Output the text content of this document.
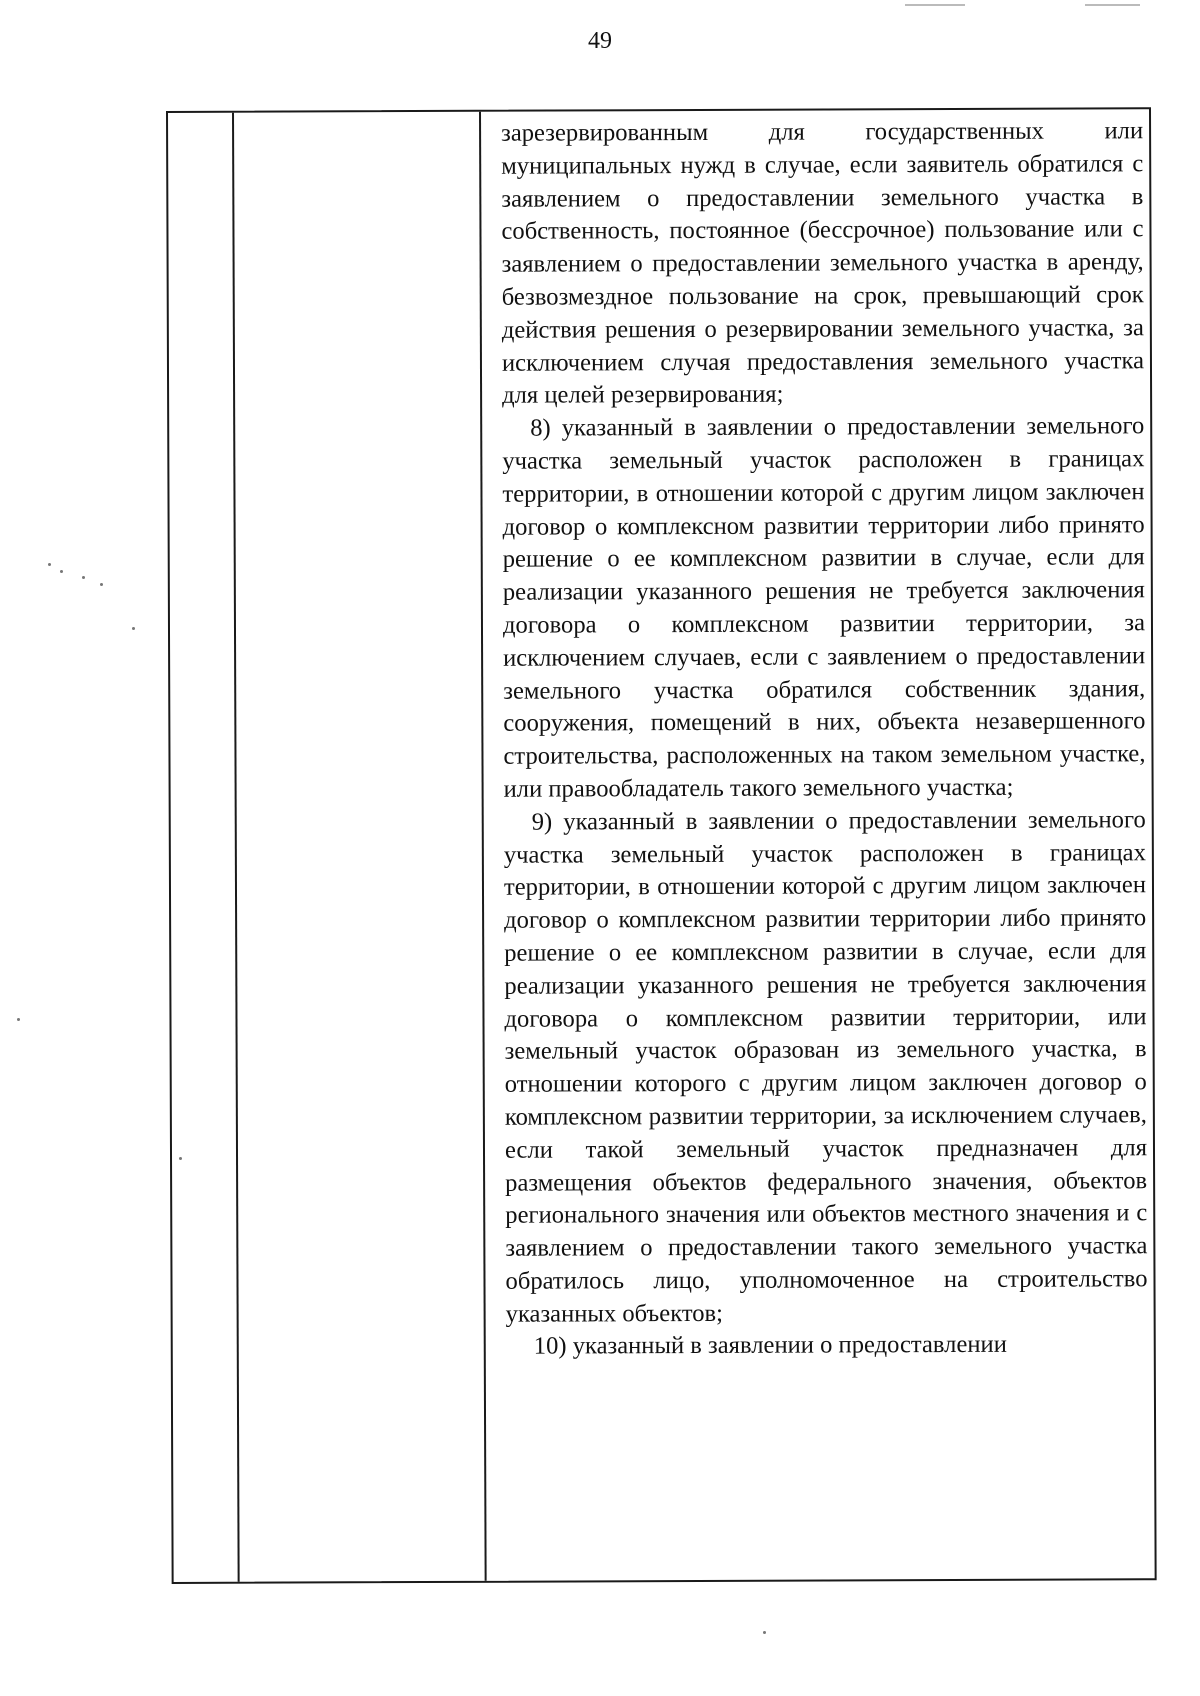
49

зарезервированным для государственных или муниципальных нужд в случае, если заявитель обратился с заявлением о предоставлении земельного участка в собственность, постоянное (бессрочное) пользование или с заявлением о предоставлении земельного участка в аренду, безвозмездное пользование на срок, превышающий срок действия решения о резервировании земельного участка, за исключением случая предоставления земельного участка для целей резервирования;

8) указанный в заявлении о предоставлении земельного участка земельный участок расположен в границах территории, в отношении которой с другим лицом заключен договор о комплексном развитии территории либо принято решение о ее комплексном развитии в случае, если для реализации указанного решения не требуется заключения договора о комплексном развитии территории, за исключением случаев, если с заявлением о предоставлении земельного участка обратился собственник здания, сооружения, помещений в них, объекта незавершенного строительства, расположенных на таком земельном участке, или правообладатель такого земельного участка;

9) указанный в заявлении о предоставлении земельного участка земельный участок расположен в границах территории, в отношении которой с другим лицом заключен договор о комплексном развитии территории либо принято решение о ее комплексном развитии в случае, если для реализации указанного решения не требуется заключения договора о комплексном развитии территории, или земельный участок образован из земельного участка, в отношении которого с другим лицом заключен договор о комплексном развитии территории, за исключением случаев, если такой земельный участок предназначен для размещения объектов федерального значения, объектов регионального значения или объектов местного значения и с заявлением о предоставлении такого земельного участка обратилось лицо, уполномоченное на строительство указанных объектов;

10) указанный в заявлении о предоставлении
